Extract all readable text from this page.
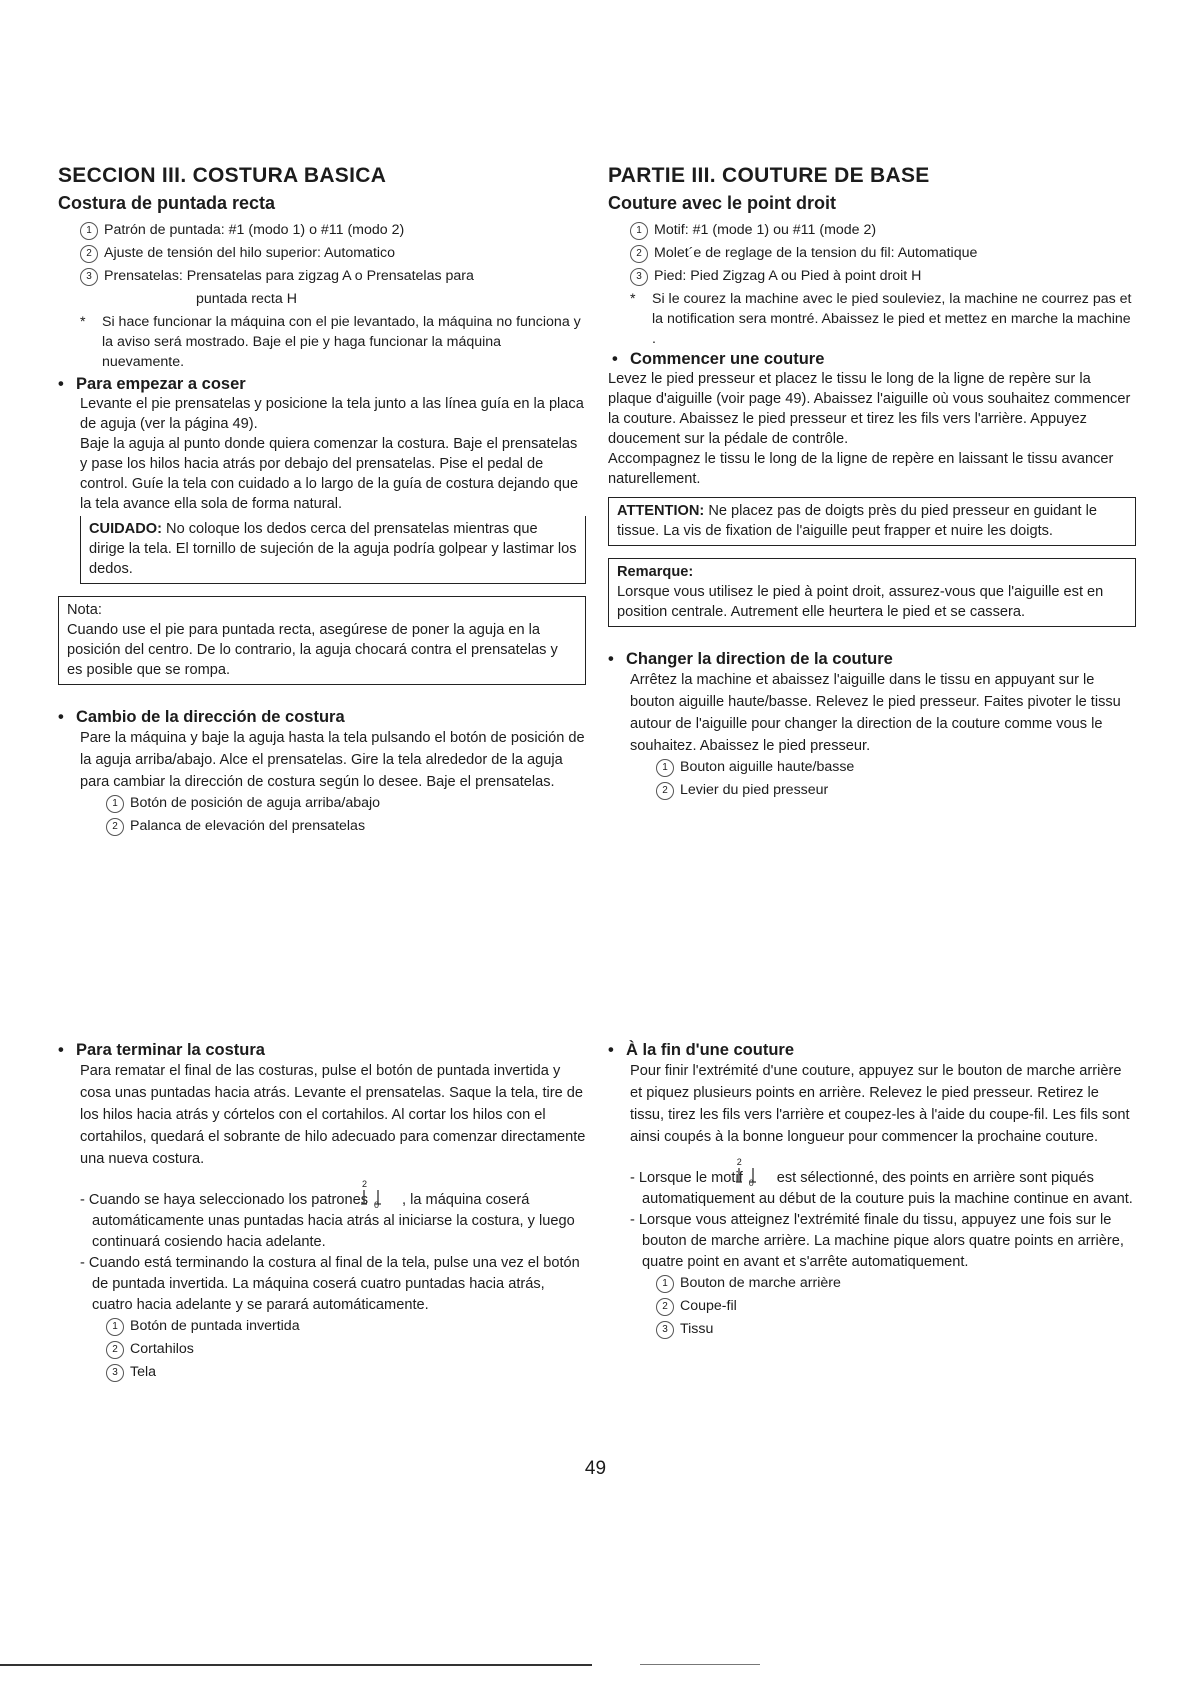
SECCION III. COSTURA BASICA
Costura de puntada recta
1 Patrón de puntada: #1 (modo 1) o #11 (modo 2)
2 Ajuste de tensión del hilo superior: Automatico
3 Prensatelas: Prensatelas para zigzag A o Prensatelas para
puntada recta H
* Si hace funcionar la máquina con el pie levantado, la máquina no funciona y la aviso será mostrado. Baje el pie y haga funcionar la máquina nuevamente.
• Para empezar a coser

Levante el pie prensatelas y posicione la tela junto a las línea guía en la placa de aguja (ver la página 49).

Baje la aguja al punto donde quiera comenzar la costura. Baje el prensatelas y pase los hilos hacia atrás por debajo del prensatelas. Pise el pedal de control. Guíe la tela con cuidado a lo largo de la guía de costura dejando que la tela avance ella sola de forma natural.

CUIDADO: No coloque los dedos cerca del prensatelas mientras que dirige la tela. El tornillo de sujeción de la aguja podría golpear y lastimar los dedos.
Nota:
Cuando use el pie para puntada recta, asegúrese de poner la aguja en la posición del centro. De lo contrario, la aguja chocará contra el prensatelas y es posible que se rompa.
• Cambio de la dirección de costura

Pare la máquina y baje la aguja hasta la tela pulsando el botón de posición de la aguja arriba/abajo. Alce el prensatelas. Gire la tela alrededor de la aguja para cambiar la dirección de costura según lo desee. Baje el prensatelas.

1 Botón de posición de aguja arriba/abajo
2 Palanca de elevación del prensatelas
• Para terminar la costura

Para rematar el final de las costuras, pulse el botón de puntada invertida y cosa unas puntadas hacia atrás. Levante el prensatelas. Saque la tela, tire de los hilos hacia atrás y córtelos con el cortahilos. Al cortar los hilos con el cortahilos, quedará el sobrante de hilo adecuado para comenzar directamente una nueva costura.

- Cuando se haya seleccionado los patrones
2 0 , la máquina coserá automáticamente unas puntadas hacia atrás al iniciarse la costura, y luego continuará cosiendo hacia adelante.
- Cuando está terminando la costura al final de la tela, pulse una vez el botón de puntada invertida. La máquina coserá cuatro puntadas hacia atrás, cuatro hacia adelante y se parará automáticamente.
1 Botón de puntada invertida
2 Cortahilos
3 Tela
PARTIE III. COUTURE DE BASE
Couture avec le point droit
1 Motif: #1 (mode 1) ou #11 (mode 2)
2 Molet´e de reglage de la tension du fil: Automatique
3 Pied: Pied Zigzag A ou Pied à point droit H
* Si le courez la machine avec le pied souleviez, la machine ne courrez pas et la notification sera montré. Abaissez le pied et mettez en marche la machine .
• Commencer une couture

Levez le pied presseur et placez le tissu le long de la ligne de repère sur la plaque d'aiguille (voir page 49). Abaissez l'aiguille où vous souhaitez commencer la couture. Abaissez le pied presseur et tirez les fils vers l'arrière. Appuyez doucement sur la pédale de contrôle.

Accompagnez le tissu le long de la ligne de repère en laissant le tissu avancer naturellement.

ATTENTION: Ne placez pas de doigts près du pied presseur en guidant le tissue. La vis de fixation de l'aiguille peut frapper et nuire les doigts.
Remarque:
Lorsque vous utilisez le pied à point droit, assurez-vous que l'aiguille est en position centrale. Autrement elle heurtera le pied et se cassera.
• Changer la direction de la couture

Arrêtez la machine et abaissez l'aiguille dans le tissu en appuyant sur le bouton aiguille haute/basse. Relevez le pied presseur. Faites pivoter le tissu autour de l'aiguille pour changer la direction de la couture comme vous le souhaitez. Abaissez le pied presseur.

1 Bouton aiguille haute/basse
2 Levier du pied presseur
• À la fin d'une couture

Pour finir l'extrémité d'une couture, appuyez sur le bouton de marche arrière et piquez plusieurs points en arrière. Relevez le pied presseur. Retirez le tissu, tirez les fils vers l'arrière et coupez-les à l'aide du coupe-fil. Les fils sont ainsi coupés à la bonne longueur pour commencer la prochaine couture.

- Lorsque le motif
2 0 est sélectionné, des points en arrière sont piqués automatiquement au début de la couture puis la machine continue en avant.
- Lorsque vous atteignez l'extrémité finale du tissu, appuyez une fois sur le bouton de marche arrière. La machine pique alors quatre points en arrière, quatre point en avant et s'arrête automatiquement.
1 Bouton de marche arrière
2 Coupe-fil
3 Tissu
49
